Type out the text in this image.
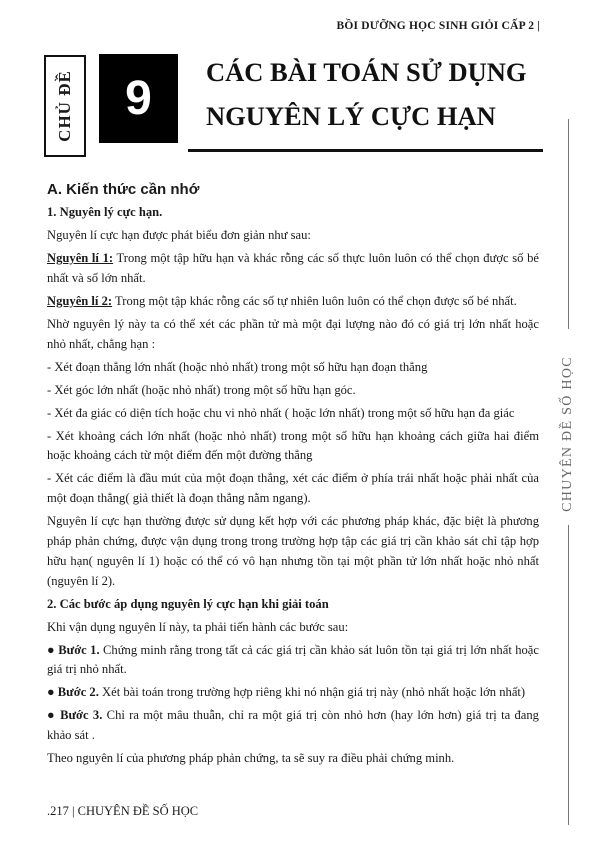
BỒI DƯỠNG HỌC SINH GIỎI CẤP 2 |
CHỦ ĐỀ	9	CÁC BÀI TOÁN SỬ DỤNG
NGUYÊN LÝ CỰC HẠN
CHUYÊN ĐỀ SỐ HỌC

A. Kiến thức cần nhớ

1. Nguyên lý cực hạn.

Nguyên lí cực hạn được phát biểu đơn giản như sau:

Nguyên lí 1: Trong một tập hữu hạn và khác rỗng các số thực luôn luôn có thể chọn được số bé nhất và số lớn nhất.

Nguyên lí 2: Trong một tập khác rỗng các số tự nhiên luôn luôn có thể chọn được số bé nhất.

Nhờ nguyên lý này ta có thể xét các phần tử mà một đại lượng nào đó có giá trị lớn nhất hoặc nhỏ nhất, chẳng hạn :

- Xét đoạn thẳng lớn nhất (hoặc nhỏ nhất) trong một số hữu hạn đoạn thẳng

- Xét góc lớn nhất (hoặc nhỏ nhất) trong một số hữu hạn góc.

- Xét đa giác có diện tích hoặc chu vi nhỏ nhất ( hoặc lớn nhất) trong một số hữu hạn đa giác

- Xét khoảng cách lớn nhất (hoặc nhỏ nhất) trong một số hữu hạn khoảng cách giữa hai điểm hoặc khoảng cách từ một điểm đến một đường thẳng

- Xét các điểm là đầu mút của một đoạn thẳng, xét các điểm ở phía trái nhất hoặc phải nhất của một đoạn thẳng( giả thiết là đoạn thẳng nằm ngang).

Nguyên lí cực hạn thường được sử dụng kết hợp với các phương pháp khác, đặc biệt là phương pháp phản chứng, được vận dụng trong trong trường hợp tập các giá trị cần khảo sát chỉ tập hợp hữu hạn( nguyên lí 1) hoặc có thể có vô hạn nhưng tồn tại một phần tử lớn nhất hoặc nhỏ nhất (nguyên lí 2).

2. Các bước áp dụng nguyên lý cực hạn khi giải toán

Khi vận dụng nguyên lí này, ta phải tiến hành các bước sau:

● Bước 1. Chứng minh rằng trong tất cả các giá trị cần khảo sát luôn tồn tại giá trị lớn nhất hoặc giá trị nhỏ nhất.

● Bước 2. Xét bài toán trong trường hợp riêng khi nó nhận giá trị này (nhỏ nhất hoặc lớn nhất)

● Bước 3. Chỉ ra một mâu thuẫn, chỉ ra một giá trị còn nhỏ hơn (hay lớn hơn) giá trị ta đang khảo sát .

Theo nguyên lí của phương pháp phản chứng, ta sẽ suy ra điều phải chứng minh.

.217 | CHUYÊN ĐỀ SỐ HỌC
